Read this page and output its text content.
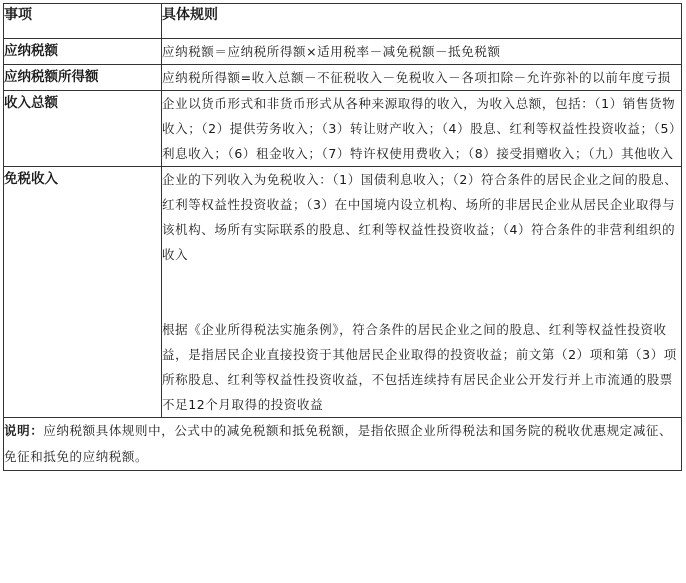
事项	具体规则
应纳税额	应纳税额＝应纳税所得额×适用税率－减免税额－抵免税额

应纳税额所得额	应纳税所得额=收入总额－不征税收入－免税收入－各项扣除－允许弥补的以前年度亏损

收入总额	企业以货币形式和非货币形式从各种来源取得的收入，为收入总额，包括：（1）销售货物收入；（2）提供劳务收入；（3）转让财产收入；（4）股息、红利等权益性投资收益；（5）利息收入；（6）租金收入；（7）特许权使用费收入；（8）接受捐赠收入；（九）其他收入

免税收入	企业的下列收入为免税收入：（1）国债利息收入；（2）符合条件的居民企业之间的股息、红利等权益性投资收益；（3）在中国境内设立机构、场所的非居民企业从居民企业取得与该机构、场所有实际联系的股息、红利等权益性投资收益；（4）符合条件的非营利组织的收入

根据《企业所得税法实施条例》，符合条件的居民企业之间的股息、红利等权益性投资收益，是指居民企业直接投资于其他居民企业取得的投资收益；前文第（2）项和第（3）项所称股息、红利等权益性投资收益，不包括连续持有居民企业公开发行并上市流通的股票不足12个月取得的投资收益

说明：应纳税额具体规则中，公式中的减免税额和抵免税额，是指依照企业所得税法和国务院的税收优惠规定减征、免征和抵免的应纳税额。	
